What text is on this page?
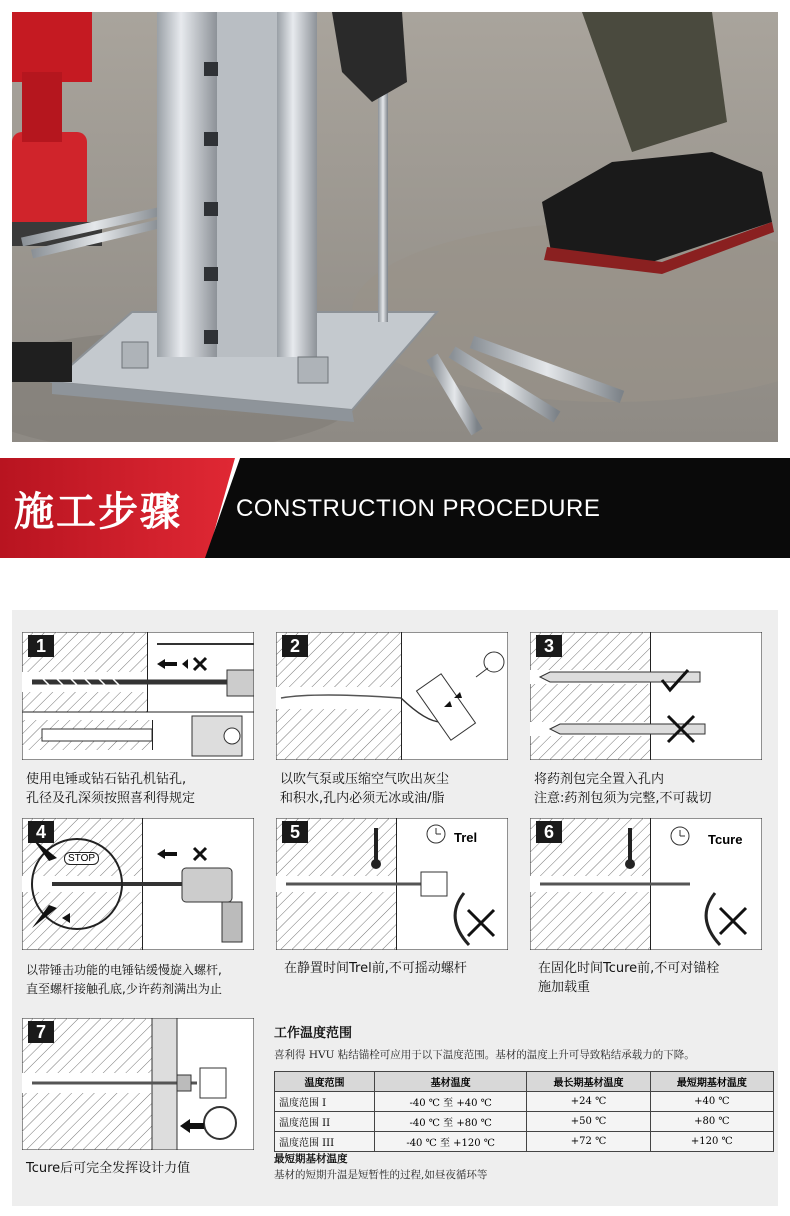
施工步骤 CONSTRUCTION PROCEDURE
1
使用电锤或钻石钻孔机钻孔,
孔径及孔深须按照喜利得规定
2
以吹气泵或压缩空气吹出灰尘
和积水,孔内必须无冰或油/脂
3
将药剂包完全置入孔内
注意:药剂包须为完整,不可裁切
4
STOP
以带锤击功能的电锤钻缓慢旋入螺杆,
直至螺杆接触孔底,少许药剂满出为止
5	Trel
在静置时间Trel前,不可摇动螺杆
6	Tcure
在固化时间Tcure前,不可对锚栓
施加载重
7
Tcure后可完全发挥设计力值
工作温度范围
喜利得 HVU 粘结锚栓可应用于以下温度范围。基材的温度上升可导致粘结承载力的下降。
温度范围	基材温度	最长期基材温度	最短期基材温度
温度范围 I	-40 ℃ 至 +40 ℃	+24 ℃	+40 ℃
温度范围 II	-40 ℃ 至 +80 ℃	+50 ℃	+80 ℃
温度范围 III	-40 ℃ 至 +120 ℃	+72 ℃	+120 ℃
最短期基材温度
基材的短期升温是短暂性的过程,如昼夜循环等
